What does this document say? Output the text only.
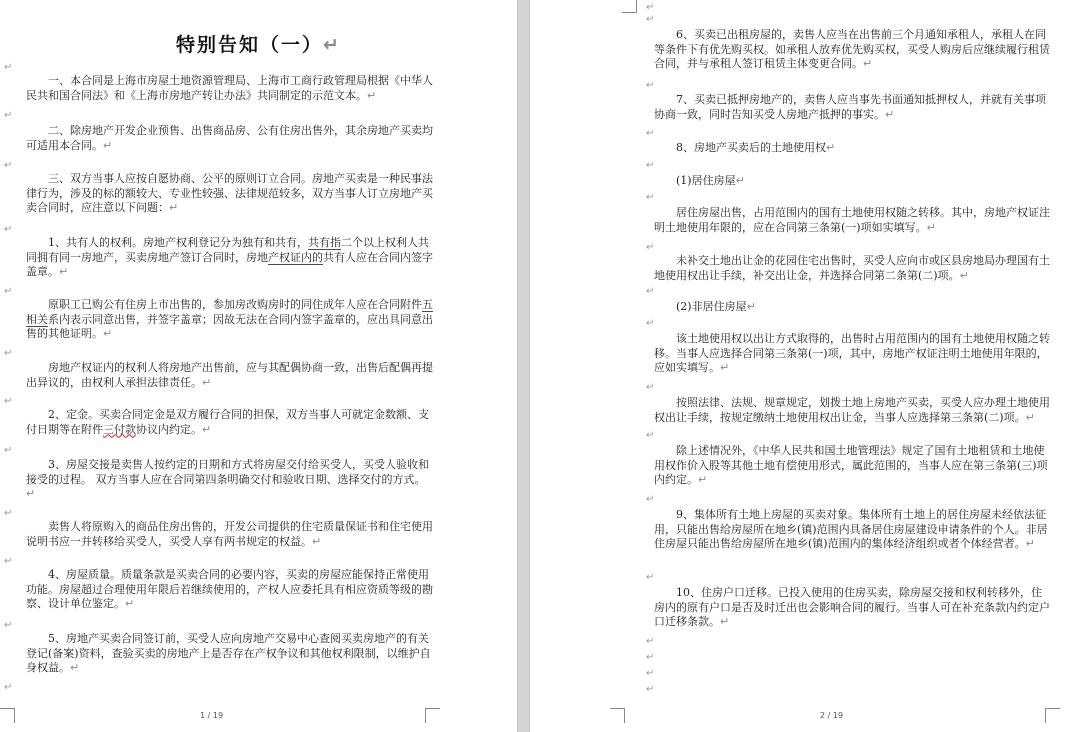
特别告知（一）↵
↵
一、本合同是上海市房屋土地资源管理局、上海市工商行政管理局根据《中华人民共和国合同法》和《上海市房地产转让办法》共同制定的示范文本。↵
↵
二、除房地产开发企业预售、出售商品房、公有住房出售外，其余房地产买卖均可适用本合同。↵
↵
三、双方当事人应按自愿协商、公平的原则订立合同。房地产买卖是一种民事法律行为，涉及的标的额较大、专业性较强、法律规范较多，双方当事人订立房地产买卖合同时，应注意以下问题：↵
↵
1、共有人的权利。房地产权利登记分为独有和共有，共有指二个以上权利人共同拥有同一房地产，买卖房地产签订合同时，房地产权证内的共有人应在合同内签字盖章。↵
↵
原职工已购公有住房上市出售的，参加房改购房时的同住成年人应在合同附件五相关系内表示同意出售，并签字盖章；因故无法在合同内签字盖章的，应出具同意出售的其他证明。↵
↵
房地产权证内的权利人将房地产出售前，应与其配偶协商一致，出售后配偶再提出异议的，由权利人承担法律责任。↵
↵
2、定金。买卖合同定金是双方履行合同的担保，双方当事人可就定金数额、支付日期等在附件三付款协议内约定。↵
↵
3、房屋交接是卖售人按约定的日期和方式将房屋交付给买受人，买受人验收和接受的过程。 双方当事人应在合同第四条明确交付和验收日期、选择交付的方式。↵
↵
卖售人将原购入的商品住房出售的，开发公司提供的住宅质量保证书和住宅使用说明书应一并转移给买受人，买受人享有两书规定的权益。↵
↵
4、房屋质量。质量条款是买卖合同的必要内容，买卖的房屋应能保持正常使用功能。房屋超过合理使用年限后若继续使用的，产权人应委托具有相应资质等级的勘察、设计单位鉴定。↵
↵
5、房地产买卖合同签订前，买受人应向房地产交易中心查阅买卖房地产的有关登记(备案)资料，查验买卖的房地产上是否存在产权争议和其他权利限制，以维护自身权益。↵
↵
1 / 19
↵
↵
6、买卖已出租房屋的，卖售人应当在出售前三个月通知承租人，承租人在同等条件下有优先购买权。如承租人放弃优先购买权，买受人购房后应继续履行租赁合同，并与承租人签订租赁主体变更合同。↵
↵
7、买卖已抵押房地产的，卖售人应当事先书面通知抵押权人，并就有关事项协商一致，同时告知买受人房地产抵押的事实。↵
↵
8、房地产买卖后的土地使用权↵
↵
(1)居住房屋↵
↵
居住房屋出售，占用范围内的国有土地使用权随之转移。其中，房地产权证注明土地使用年限的，应在合同第三条第(一)项如实填写。↵
↵
未补交土地出让金的花园住宅出售时，买受人应向市或区县房地局办理国有土地使用权出让手续，补交出让金，并选择合同第二条第(二)项。↵
↵
(2)非居住房屋↵
↵
该土地使用权以出让方式取得的，出售时占用范围内的国有土地使用权随之转移。当事人应选择合同第三条第(一)项，其中，房地产权证注明土地使用年限的，应如实填写。↵
↵
按照法律、法规、规章规定，划拨土地上房地产买卖，买受人应办理土地使用权出让手续，按规定缴纳土地使用权出让金，当事人应选择第三条第(二)项。↵
↵
除上述情况外，《中华人民共和国土地管理法》规定了国有土地租赁和土地使用权作价入股等其他土地有偿使用形式，属此范围的，当事人应在第三条第(三)项内约定。↵
↵
9、集体所有土地上房屋的买卖对象。集体所有土地上的居住房屋未经依法征用，只能出售给房屋所在地乡(镇)范围内具备居住房屋建设申请条件的个人。非居住房屋只能出售给房屋所在地乡(镇)范围内的集体经济组织或者个体经营者。↵
↵
10、住房户口迁移。已投入使用的住房买卖，除房屋交接和权利转移外，住房内的原有户口是否及时迁出也会影响合同的履行。当事人可在补充条款内约定户口迁移条款。↵
↵
↵
↵
↵
2 / 19
